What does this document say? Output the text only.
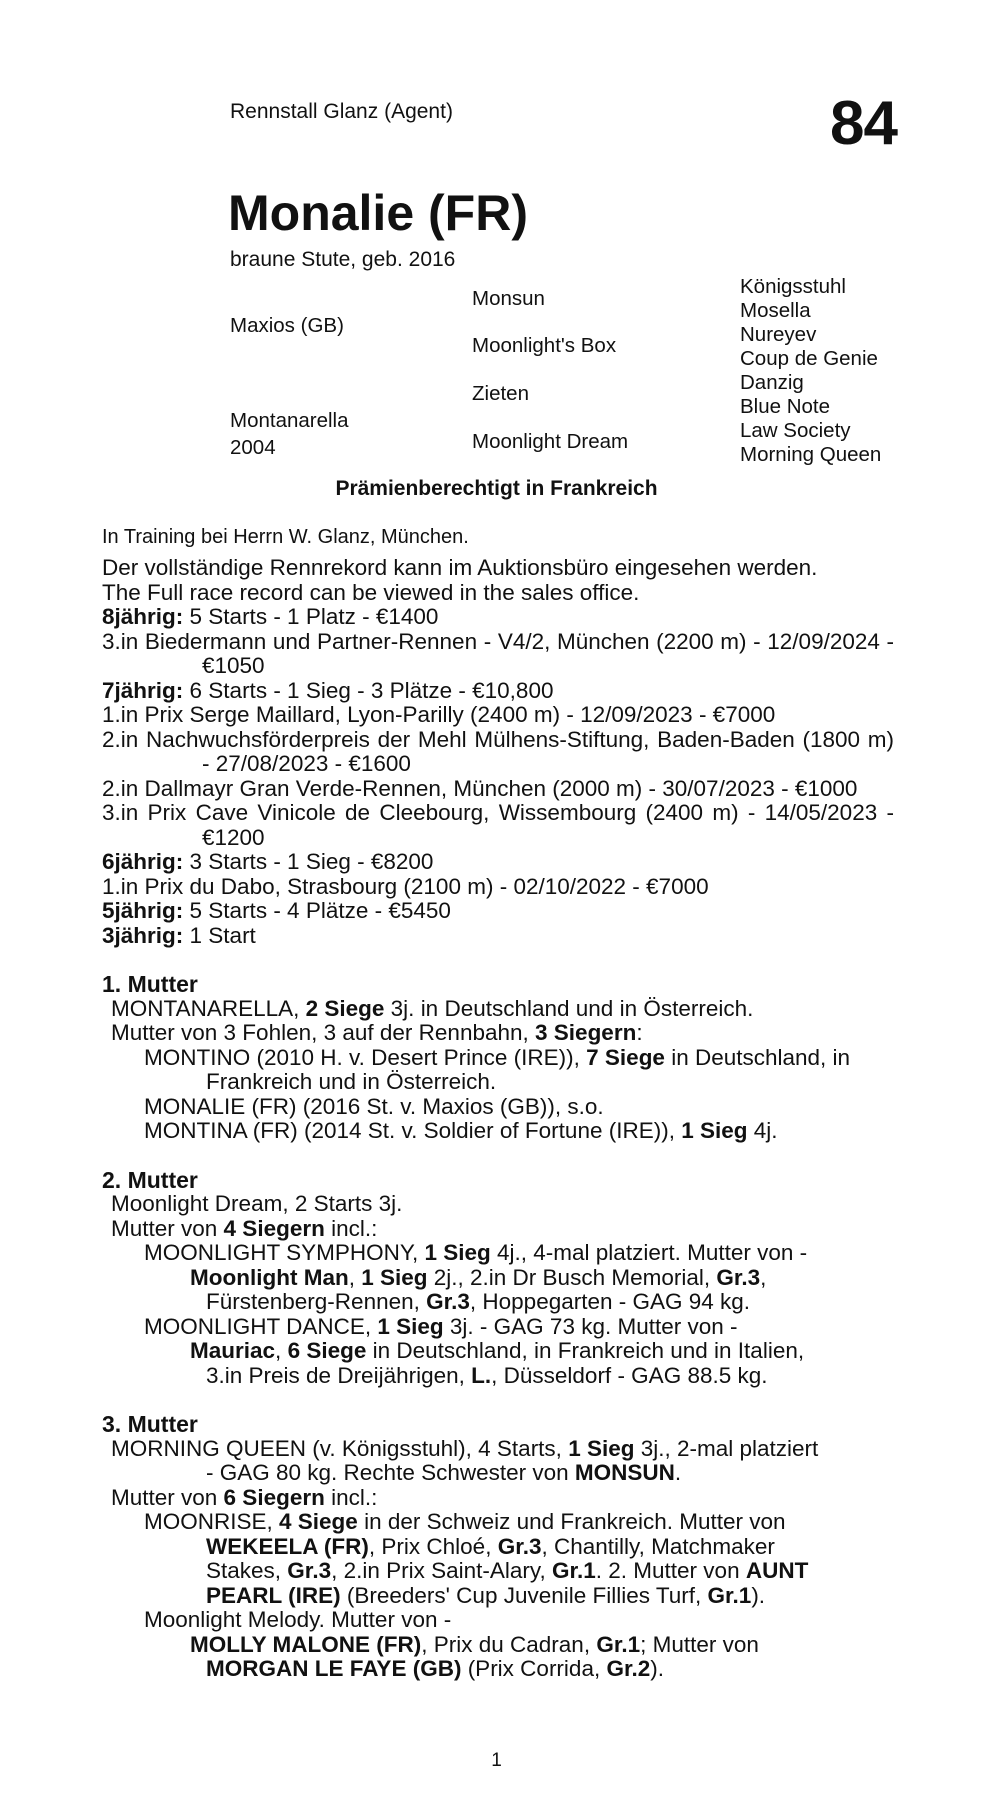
Rennstall Glanz (Agent)	84
Monalie (FR)
braune Stute, geb. 2016
Maxios (GB)
Montanarella
2004
Monsun
Moonlight's Box
Zieten
Moonlight Dream
Königsstuhl
Mosella
Nureyev
Coup de Genie
Danzig
Blue Note
Law Society
Morning Queen
Prämienberechtigt in Frankreich
In Training bei Herrn W. Glanz, München.

Der vollständige Rennrekord kann im Auktionsbüro eingesehen werden.

The Full race record can be viewed in the sales office.

8jährig: 5 Starts - 1 Platz - €1400

3.in Biedermann und Partner-Rennen - V4/2, München (2200 m) - 12/09/2024 - €1050

7jährig: 6 Starts - 1 Sieg - 3 Plätze - €10,800

1.in Prix Serge Maillard, Lyon-Parilly (2400 m) - 12/09/2023 - €7000

2.in Nachwuchsförderpreis der Mehl Mülhens-Stiftung, Baden-Baden (1800 m) - 27/08/2023 - €1600

2.in Dallmayr Gran Verde-Rennen, München (2000 m) - 30/07/2023 - €1000

3.in Prix Cave Vinicole de Cleebourg, Wissembourg (2400 m) - 14/05/2023 - €1200

6jährig: 3 Starts - 1 Sieg - €8200

1.in Prix du Dabo, Strasbourg (2100 m) - 02/10/2022 - €7000

5jährig: 5 Starts - 4 Plätze - €5450

3jährig: 1 Start

1. Mutter

MONTANARELLA, 2 Siege 3j. in Deutschland und in Österreich.

Mutter von 3 Fohlen, 3 auf der Rennbahn, 3 Siegern:

MONTINO (2010 H. v. Desert Prince (IRE)), 7 Siege in Deutschland, in Frankreich und in Österreich.

MONALIE (FR) (2016 St. v. Maxios (GB)), s.o.

MONTINA (FR) (2014 St. v. Soldier of Fortune (IRE)), 1 Sieg 4j.

2. Mutter

Moonlight Dream, 2 Starts 3j.

Mutter von 4 Siegern incl.:

MOONLIGHT SYMPHONY, 1 Sieg 4j., 4-mal platziert. Mutter von -

Moonlight Man, 1 Sieg 2j., 2.in Dr Busch Memorial, Gr.3,

Fürstenberg-Rennen, Gr.3, Hoppegarten - GAG 94 kg.

MOONLIGHT DANCE, 1 Sieg 3j. - GAG 73 kg. Mutter von -

Mauriac, 6 Siege in Deutschland, in Frankreich und in Italien,

3.in Preis de Dreijährigen, L., Düsseldorf - GAG 88.5 kg.

3. Mutter

MORNING QUEEN (v. Königsstuhl), 4 Starts, 1 Sieg 3j., 2-mal platziert

- GAG 80 kg. Rechte Schwester von MONSUN.

Mutter von 6 Siegern incl.:

MOONRISE, 4 Siege in der Schweiz und Frankreich. Mutter von

WEKEELA (FR), Prix Chloé, Gr.3, Chantilly, Matchmaker

Stakes, Gr.3, 2.in Prix Saint-Alary, Gr.1. 2. Mutter von AUNT

PEARL (IRE) (Breeders' Cup Juvenile Fillies Turf, Gr.1).

Moonlight Melody. Mutter von -

MOLLY MALONE (FR), Prix du Cadran, Gr.1; Mutter von

MORGAN LE FAYE (GB) (Prix Corrida, Gr.2).

1
